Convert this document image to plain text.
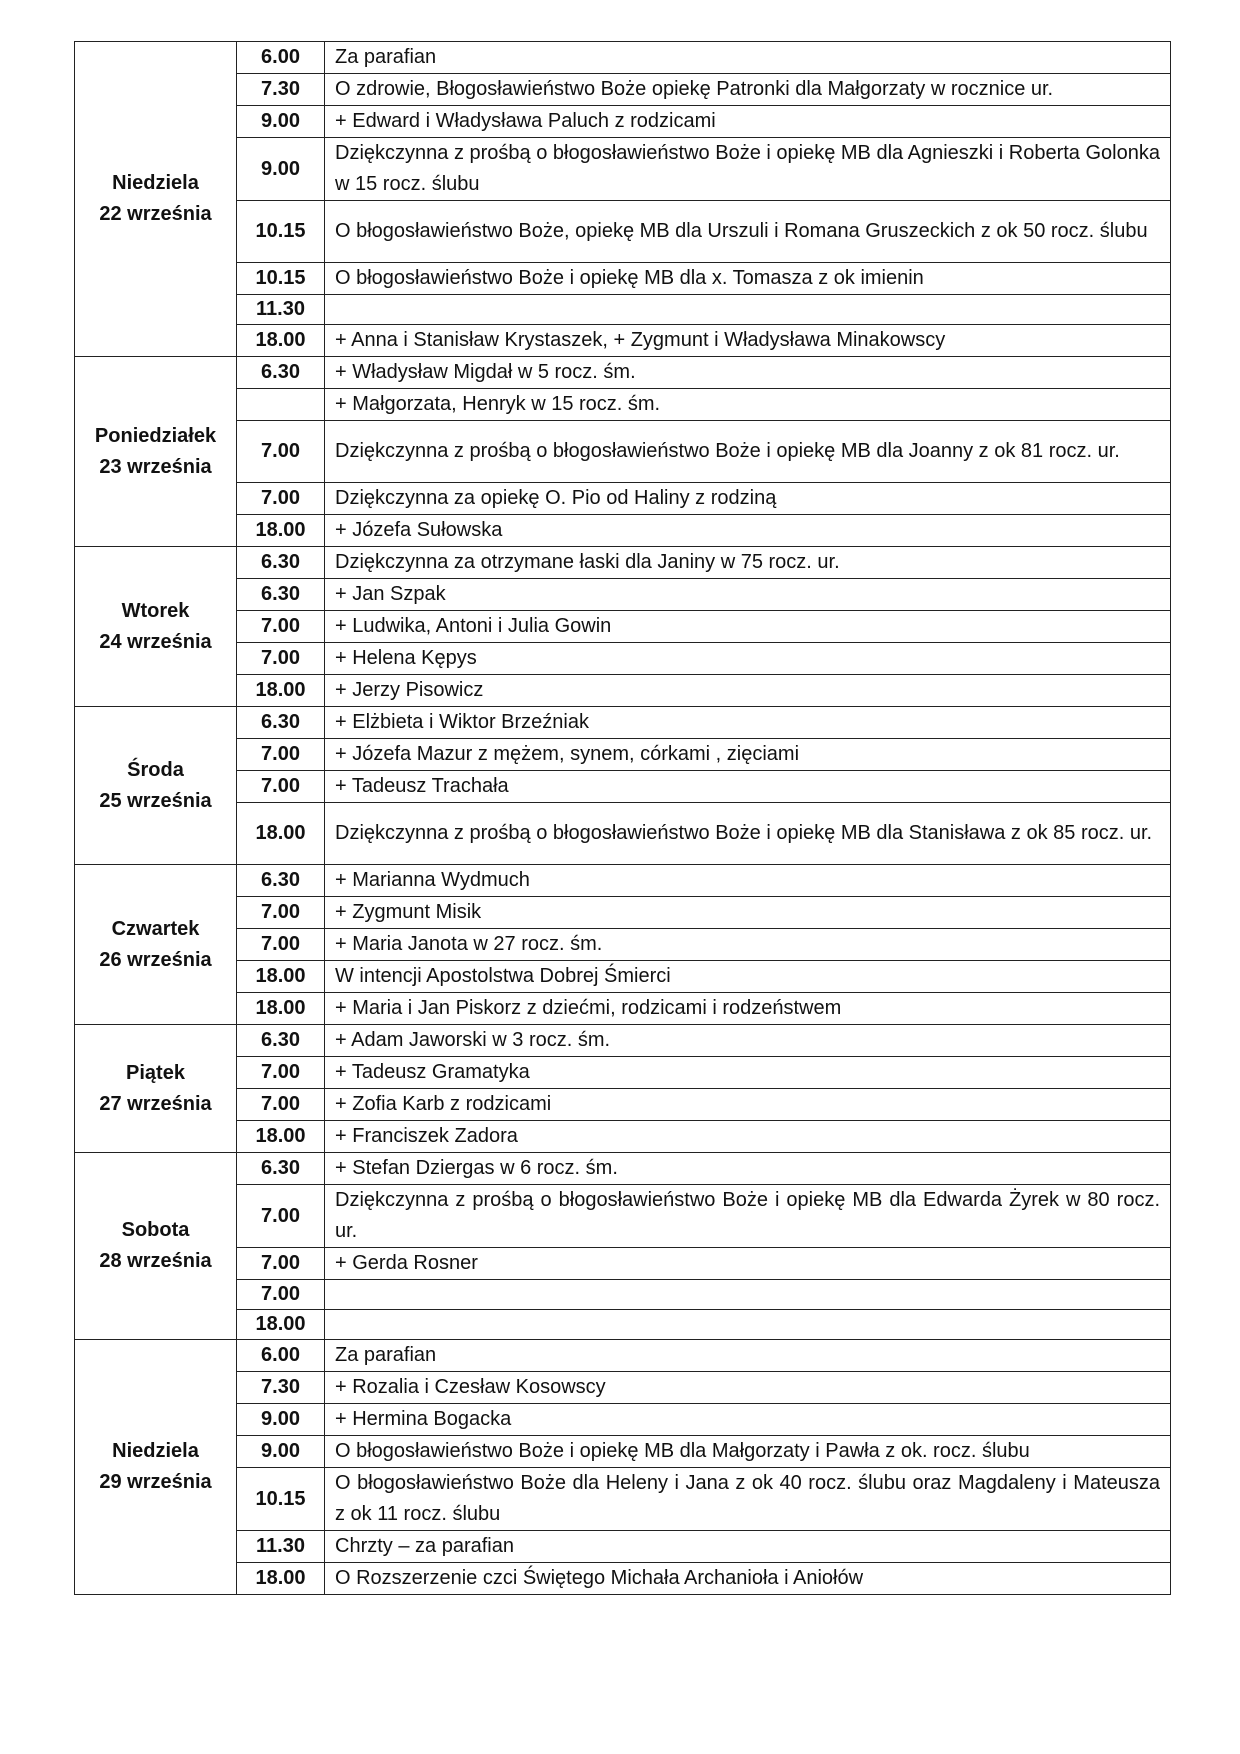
Niedziela
22 września	6.00	Za parafian
	7.30	O zdrowie, Błogosławieństwo Boże opiekę Patronki dla Małgorzaty w rocznice ur.
	9.00	+ Edward i Władysława Paluch z rodzicami
	9.00	Dziękczynna z prośbą o błogosławieństwo Boże i opiekę MB dla Agnieszki i Roberta Golonka w 15 rocz. ślubu
	10.15	O błogosławieństwo Boże, opiekę MB dla Urszuli i Romana Gruszeckich z ok 50 rocz. ślubu
	10.15	O błogosławieństwo Boże i opiekę MB dla x. Tomasza z ok imienin
	11.30	
	18.00	+ Anna i Stanisław Krystaszek, + Zygmunt i Władysława Minakowscy

Poniedziałek
23 września	6.30	+ Władysław Migdał w 5 rocz. śm.
		+ Małgorzata, Henryk w 15 rocz. śm.
	7.00	Dziękczynna z prośbą o błogosławieństwo Boże i opiekę MB dla Joanny z ok 81 rocz. ur.
	7.00	Dziękczynna za opiekę O. Pio od Haliny z rodziną
	18.00	+ Józefa Sułowska

Wtorek
24 września	6.30	Dziękczynna za otrzymane łaski dla Janiny w 75 rocz. ur.
	6.30	+ Jan Szpak
	7.00	+ Ludwika, Antoni i Julia Gowin
	7.00	+ Helena Kępys
	18.00	+ Jerzy Pisowicz

Środa
25 września	6.30	+ Elżbieta i Wiktor Brzeźniak
	7.00	+ Józefa Mazur z mężem, synem, córkami , zięciami
	7.00	+ Tadeusz Trachała
	18.00	Dziękczynna z prośbą o błogosławieństwo Boże i opiekę MB dla Stanisława z ok 85 rocz. ur.

Czwartek
26 września	6.30	+ Marianna Wydmuch
	7.00	+ Zygmunt Misik
	7.00	+ Maria Janota w 27 rocz. śm.
	18.00	W intencji Apostolstwa Dobrej Śmierci
	18.00	+ Maria i Jan Piskorz z dziećmi, rodzicami i rodzeństwem

Piątek
27 września	6.30	+ Adam Jaworski w 3 rocz. śm.
	7.00	+ Tadeusz Gramatyka
	7.00	+ Zofia Karb z rodzicami
	18.00	+ Franciszek Zadora

Sobota
28 września	6.30	+ Stefan Dziergas w 6 rocz. śm.
	7.00	Dziękczynna z prośbą o błogosławieństwo Boże i opiekę MB dla Edwarda Żyrek w 80 rocz. ur.
	7.00	+ Gerda Rosner
	7.00	
	18.00	

Niedziela
29 września	6.00	Za parafian
	7.30	+ Rozalia i Czesław Kosowscy
	9.00	+ Hermina Bogacka
	9.00	O błogosławieństwo Boże i opiekę MB dla Małgorzaty i Pawła z ok. rocz. ślubu
	10.15	O błogosławieństwo Boże dla Heleny i Jana z ok 40 rocz. ślubu oraz Magdaleny i Mateusza z ok 11 rocz. ślubu
	11.30	Chrzty – za parafian
	18.00	O Rozszerzenie czci Świętego Michała Archanioła i Aniołów
